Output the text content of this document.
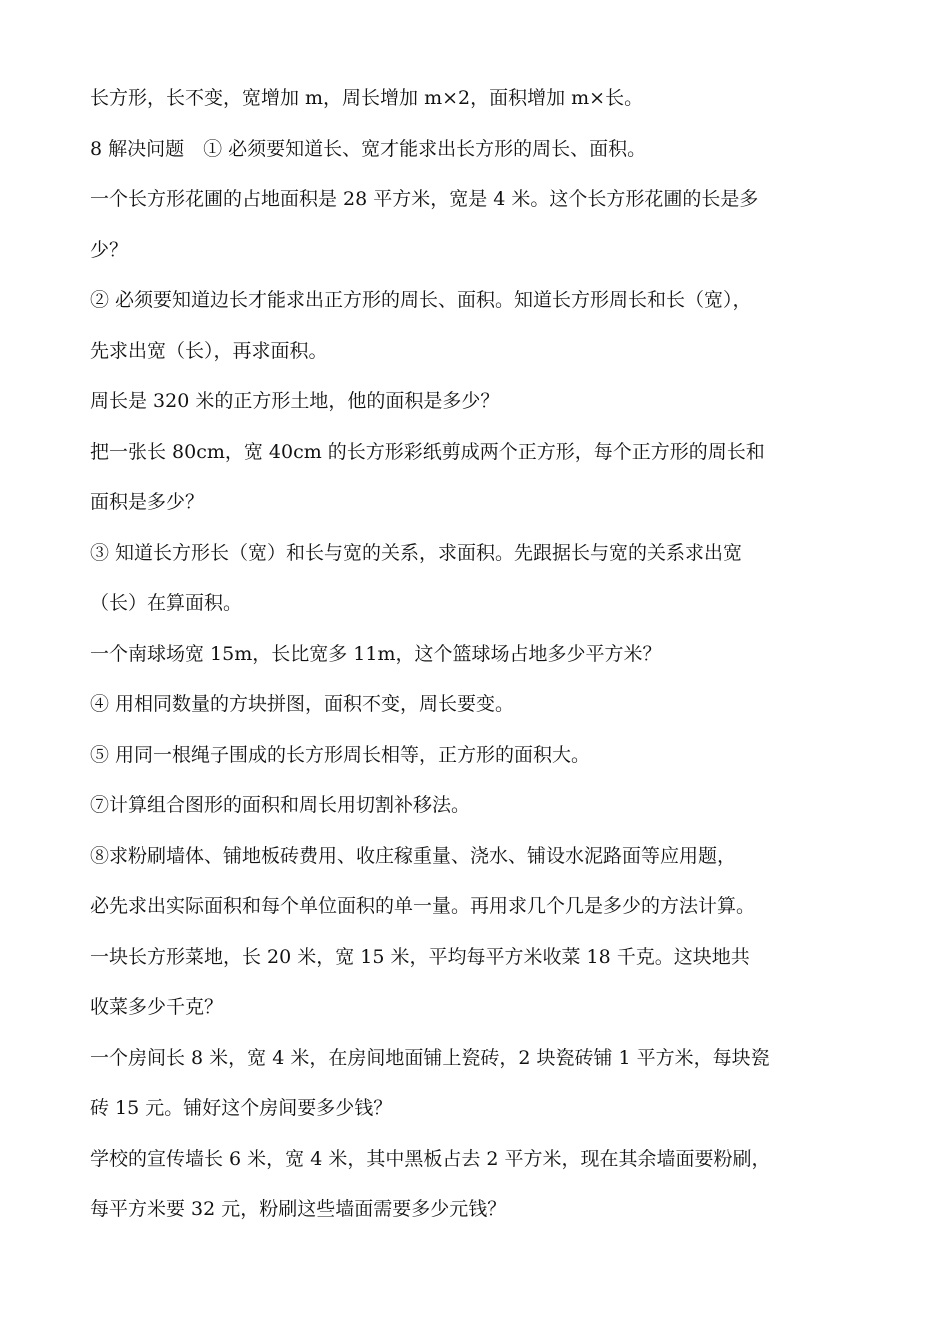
长方形，长不变，宽增加 m，周长增加 m×2，面积增加 m×长。
8 解决问题　① 必须要知道长、宽才能求出长方形的周长、面积。
一个长方形花圃的占地面积是 28 平方米，宽是 4 米。这个长方形花圃的长是多
少？
② 必须要知道边长才能求出正方形的周长、面积。知道长方形周长和长（宽），
先求出宽（长），再求面积。
周长是 320 米的正方形土地，他的面积是多少？
把一张长 80cm，宽 40cm 的长方形彩纸剪成两个正方形，每个正方形的周长和
面积是多少？
③ 知道长方形长（宽）和长与宽的关系，求面积。先跟据长与宽的关系求出宽
（长）在算面积。
一个南球场宽 15m，长比宽多 11m，这个篮球场占地多少平方米？
④ 用相同数量的方块拼图，面积不变，周长要变。
⑤ 用同一根绳子围成的长方形周长相等，正方形的面积大。
⑦计算组合图形的面积和周长用切割补移法。
⑧求粉刷墙体、铺地板砖费用、收庄稼重量、浇水、铺设水泥路面等应用题，
必先求出实际面积和每个单位面积的单一量。再用求几个几是多少的方法计算。
一块长方形菜地，长 20 米，宽 15 米，平均每平方米收菜 18 千克。这块地共
收菜多少千克？
一个房间长 8 米，宽 4 米，在房间地面铺上瓷砖，2 块瓷砖铺 1 平方米，每块瓷
砖 15 元。铺好这个房间要多少钱？
学校的宣传墙长 6 米，宽 4 米，其中黑板占去 2 平方米，现在其余墙面要粉刷，
每平方米要 32 元，粉刷这些墙面需要多少元钱？
